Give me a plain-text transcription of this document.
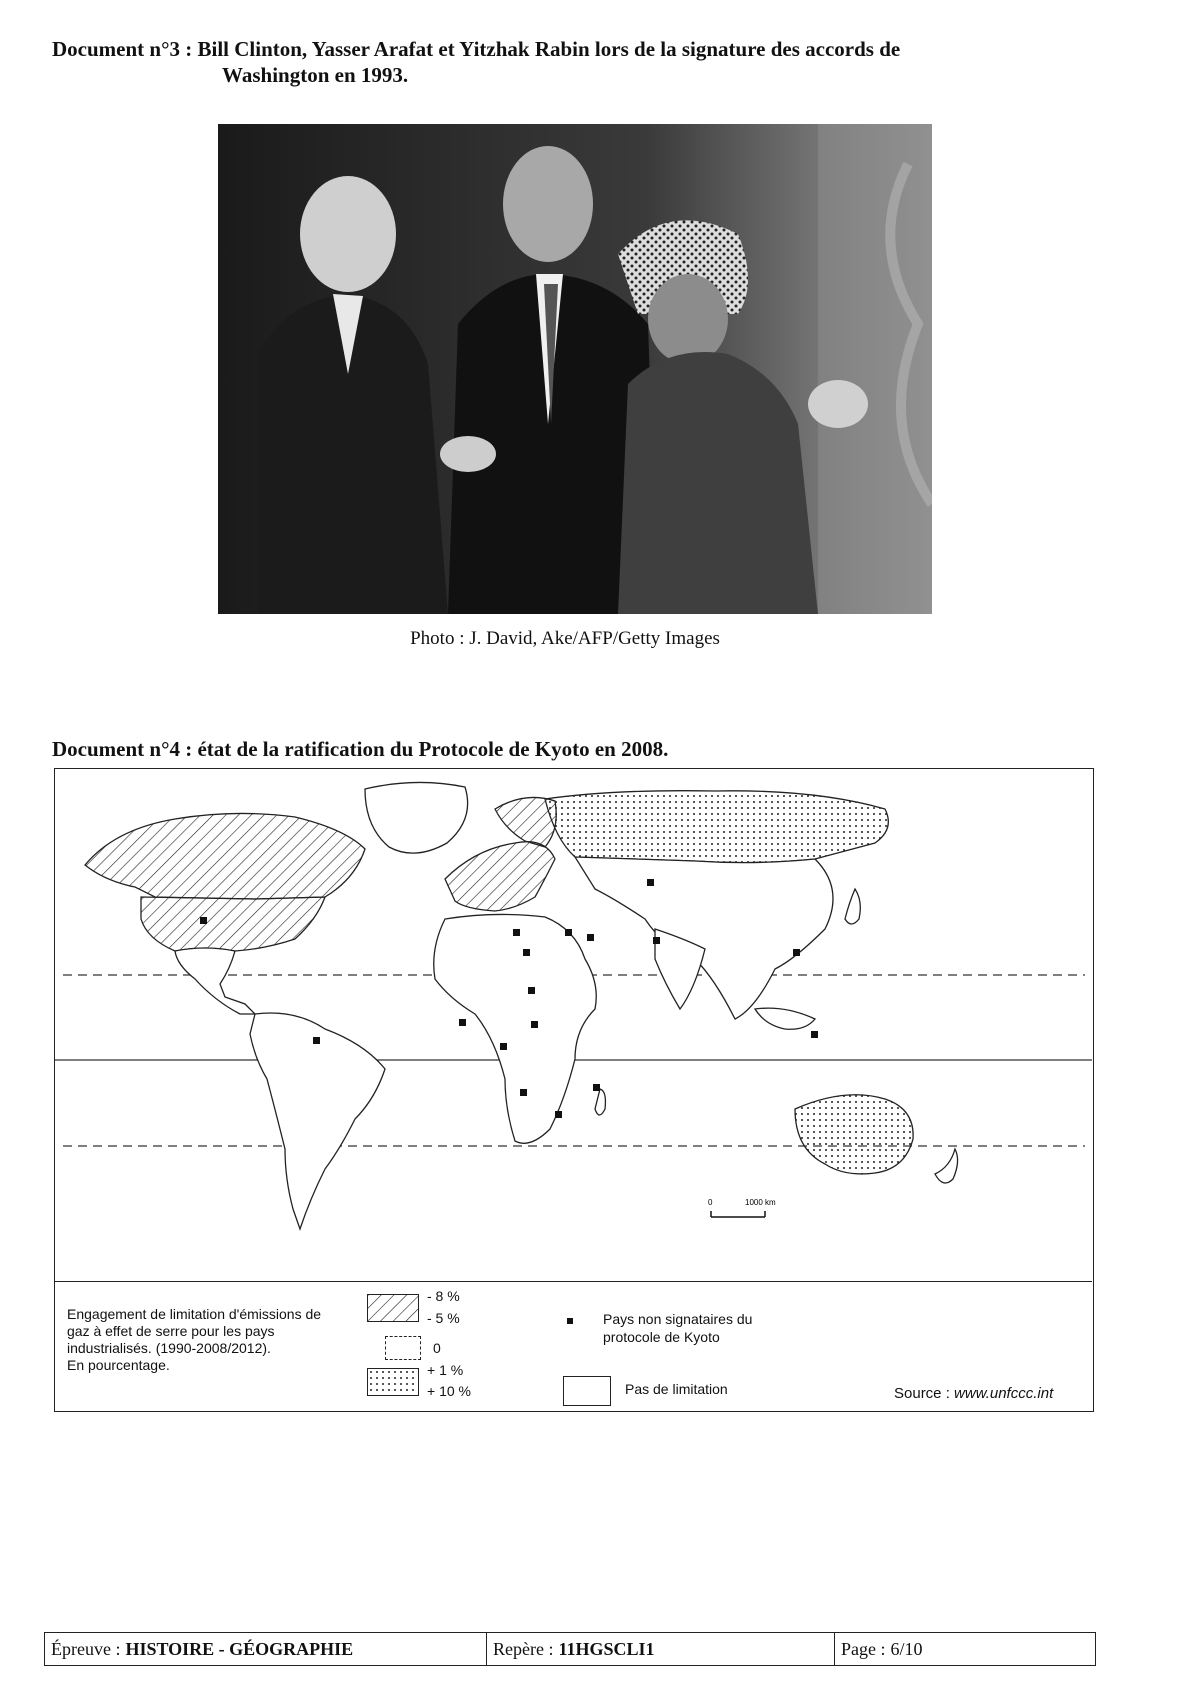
Document n°3 : Bill Clinton, Yasser Arafat et Yitzhak Rabin lors de la signature des accords de
Washington en 1993.
Photo : J. David, Ake/AFP/Getty Images
Document n°4 : état de la ratification du Protocole de Kyoto en 2008.
0	1000 km
Engagement de limitation d'émissions de
gaz à effet de serre pour les pays
industrialisés. (1990-2008/2012).
En pourcentage.
- 8 %
- 5 %
0
+ 1 %
+ 10 %
Pays non signataires du
protocole de Kyoto
Pas de limitation	Source : www.unfccc.int
Épreuve : HISTOIRE - GÉOGRAPHIE	Repère : 11HGSCLI1	Page : 6/10
